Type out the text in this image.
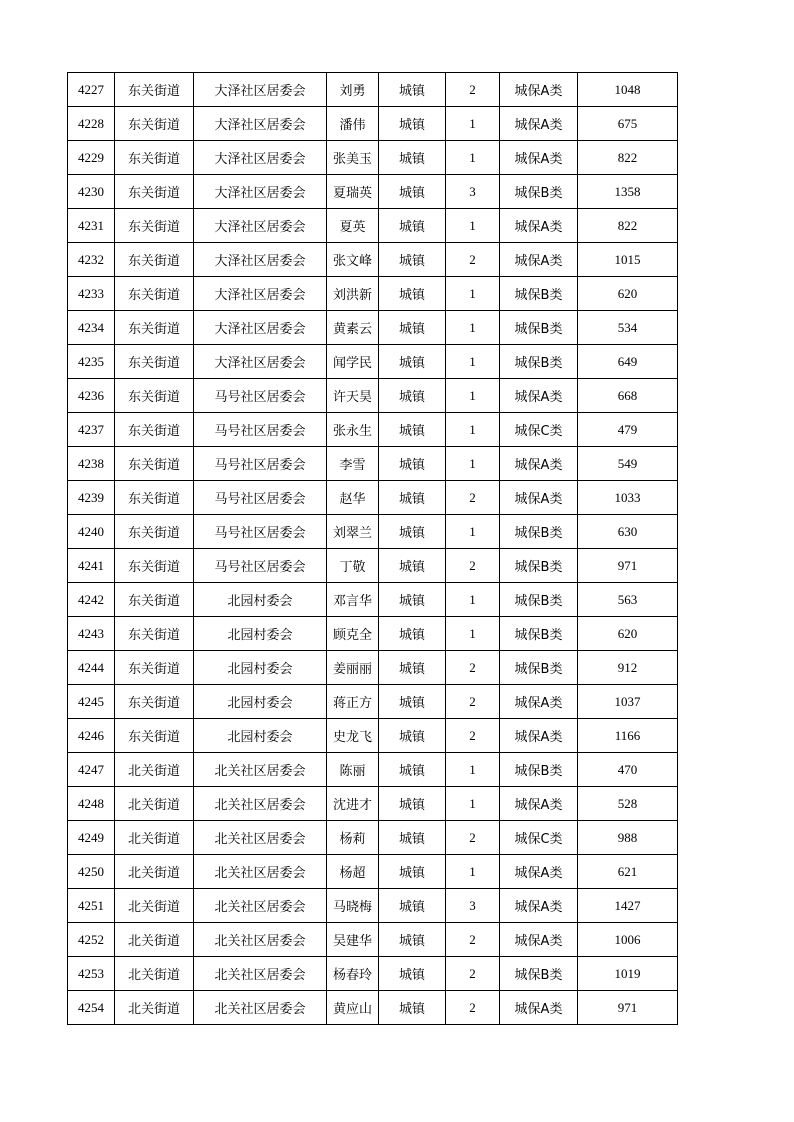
4227	东关街道	大泽社区居委会	刘勇	城镇	2	城保A类	1048
4228	东关街道	大泽社区居委会	潘伟	城镇	1	城保A类	675
4229	东关街道	大泽社区居委会	张美玉	城镇	1	城保A类	822
4230	东关街道	大泽社区居委会	夏瑞英	城镇	3	城保B类	1358
4231	东关街道	大泽社区居委会	夏英	城镇	1	城保A类	822
4232	东关街道	大泽社区居委会	张文峰	城镇	2	城保A类	1015
4233	东关街道	大泽社区居委会	刘洪新	城镇	1	城保B类	620
4234	东关街道	大泽社区居委会	黄素云	城镇	1	城保B类	534
4235	东关街道	大泽社区居委会	闻学民	城镇	1	城保B类	649
4236	东关街道	马号社区居委会	许天昊	城镇	1	城保A类	668
4237	东关街道	马号社区居委会	张永生	城镇	1	城保C类	479
4238	东关街道	马号社区居委会	李雪	城镇	1	城保A类	549
4239	东关街道	马号社区居委会	赵华	城镇	2	城保A类	1033
4240	东关街道	马号社区居委会	刘翠兰	城镇	1	城保B类	630
4241	东关街道	马号社区居委会	丁敬	城镇	2	城保B类	971
4242	东关街道	北园村委会	邓言华	城镇	1	城保B类	563
4243	东关街道	北园村委会	顾克全	城镇	1	城保B类	620
4244	东关街道	北园村委会	姜丽丽	城镇	2	城保B类	912
4245	东关街道	北园村委会	蒋正方	城镇	2	城保A类	1037
4246	东关街道	北园村委会	史龙飞	城镇	2	城保A类	1166
4247	北关街道	北关社区居委会	陈丽	城镇	1	城保B类	470
4248	北关街道	北关社区居委会	沈进才	城镇	1	城保A类	528
4249	北关街道	北关社区居委会	杨莉	城镇	2	城保C类	988
4250	北关街道	北关社区居委会	杨超	城镇	1	城保A类	621
4251	北关街道	北关社区居委会	马晓梅	城镇	3	城保A类	1427
4252	北关街道	北关社区居委会	吴建华	城镇	2	城保A类	1006
4253	北关街道	北关社区居委会	杨春玲	城镇	2	城保B类	1019
4254	北关街道	北关社区居委会	黄应山	城镇	2	城保A类	971
